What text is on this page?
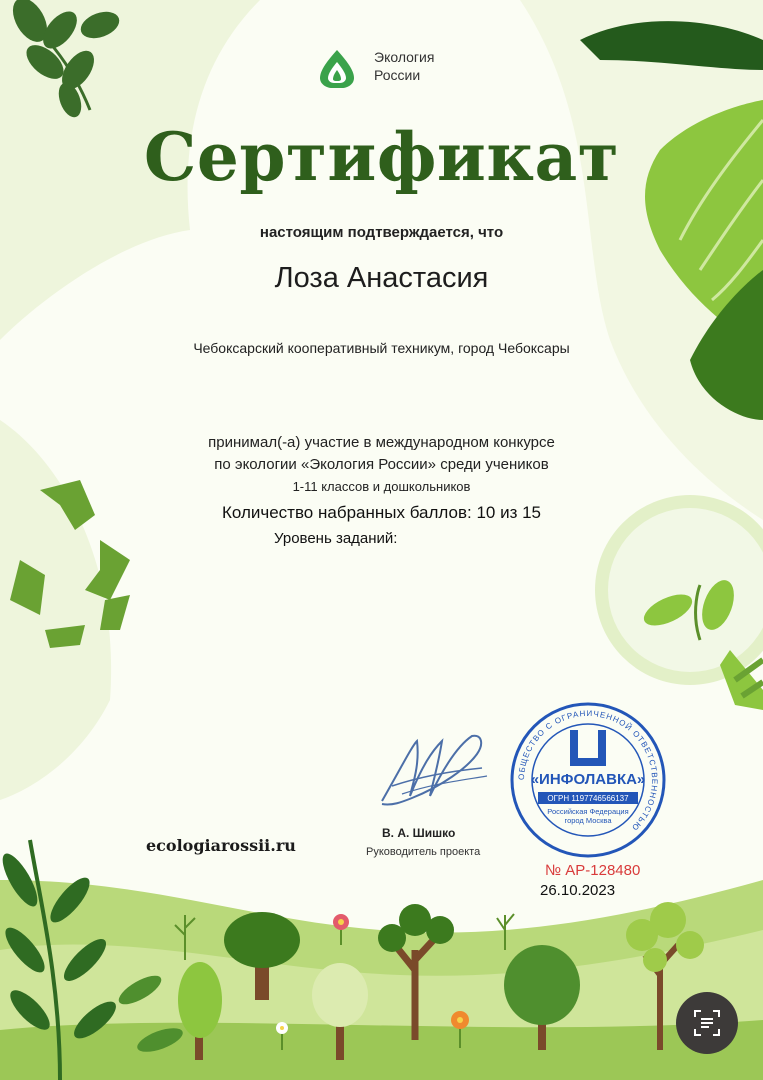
Экология
России
Сертификат
настоящим подтверждается, что
Лоза Анастасия
Чебоксарский кооперативный техникум, город Чебоксары
принимал(-а) участие в международном конкурсе
по экологии «Экология России» среди учеников
1-11 классов и дошкольников
Количество набранных баллов: 10 из 15
Уровень заданий:
ecologiarossii.ru
В. А. Шишко
Руководитель проекта
ОБЩЕСТВО С ОГРАНИЧЕННОЙ ОТВЕТСТВЕННОСТЬЮ
«ИНФОЛАВКА»
ОГРН 1197746566137
Российская Федерация
город Москва
№ АР-128480
26.10.2023
